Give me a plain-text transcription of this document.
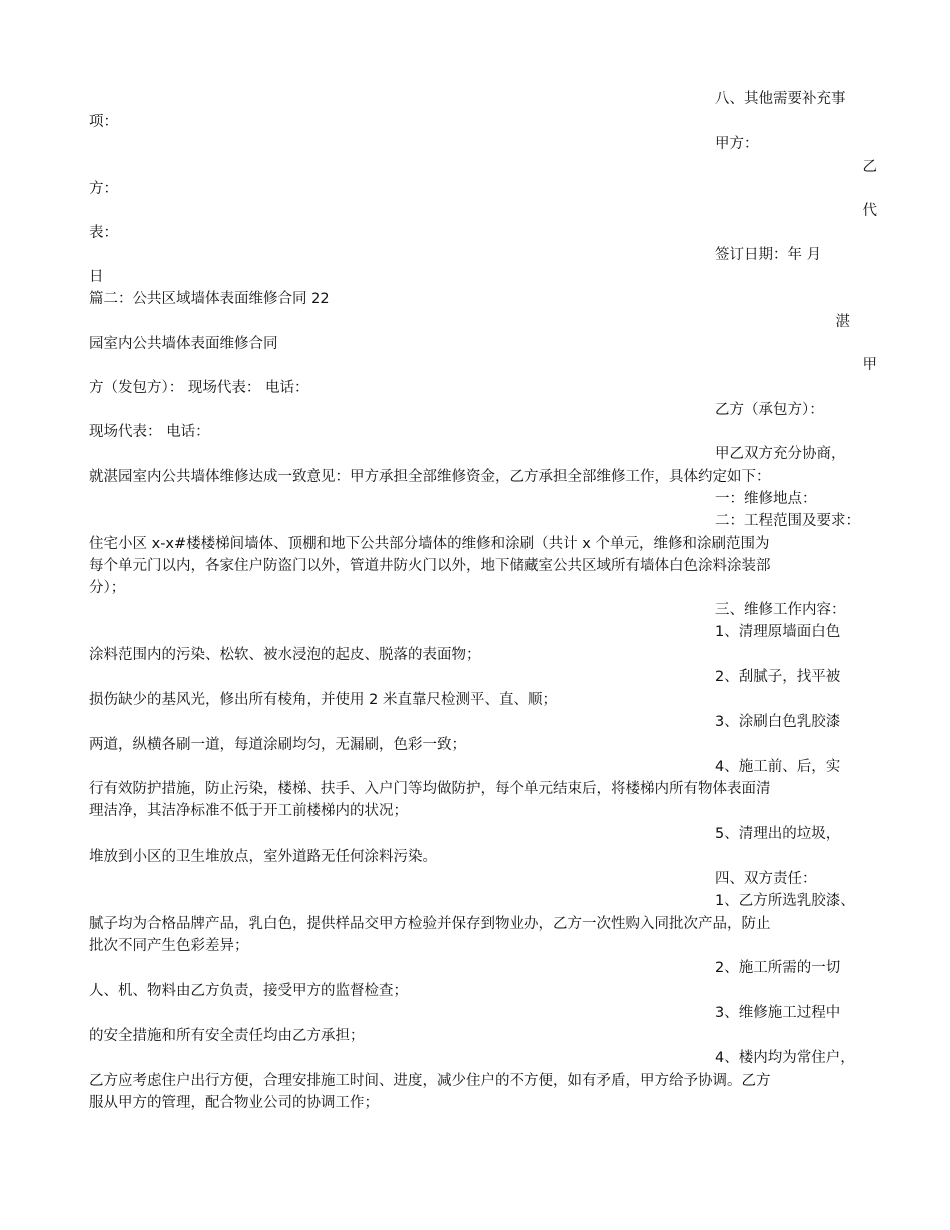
八、其他需要补充事
项：
甲方：
乙
方：
代
表：
签订日期：年 月
日
篇二：公共区域墙体表面维修合同 22
湛
园室内公共墙体表面维修合同
甲
方（发包方）： 现场代表： 电话：
乙方（承包方）：
现场代表： 电话：
甲乙双方充分协商，
就湛园室内公共墙体维修达成一致意见：甲方承担全部维修资金，乙方承担全部维修工作，具体约定如下：
一：维修地点：
二：工程范围及要求：
住宅小区 x-x#楼楼梯间墙体、顶棚和地下公共部分墙体的维修和涂刷（共计 x 个单元，维修和涂刷范围为
每个单元门以内，各家住户防盗门以外，管道井防火门以外，地下储藏室公共区域所有墙体白色涂料涂装部
分）；
三、维修工作内容：
1、清理原墙面白色
涂料范围内的污染、松软、被水浸泡的起皮、脱落的表面物；
2、刮腻子，找平被
损伤缺少的基风光，修出所有棱角，并使用 2 米直靠尺检测平、直、顺；
3、涂刷白色乳胶漆
两道，纵横各刷一道，每道涂刷均匀，无漏刷，色彩一致；
4、施工前、后，实
行有效防护措施，防止污染，楼梯、扶手、入户门等均做防护，每个单元结束后，将楼梯内所有物体表面清
理洁净，其洁净标准不低于开工前楼梯内的状况；
5、清理出的垃圾，
堆放到小区的卫生堆放点，室外道路无任何涂料污染。
四、双方责任：
1、乙方所选乳胶漆、
腻子均为合格品牌产品，乳白色，提供样品交甲方检验并保存到物业办，乙方一次性购入同批次产品，防止
批次不同产生色彩差异；
2、施工所需的一切
人、机、物料由乙方负责，接受甲方的监督检查；
3、维修施工过程中
的安全措施和所有安全责任均由乙方承担；
4、楼内均为常住户，
乙方应考虑住户出行方便，合理安排施工时间、进度，减少住户的不方便，如有矛盾，甲方给予协调。乙方
服从甲方的管理，配合物业公司的协调工作；
